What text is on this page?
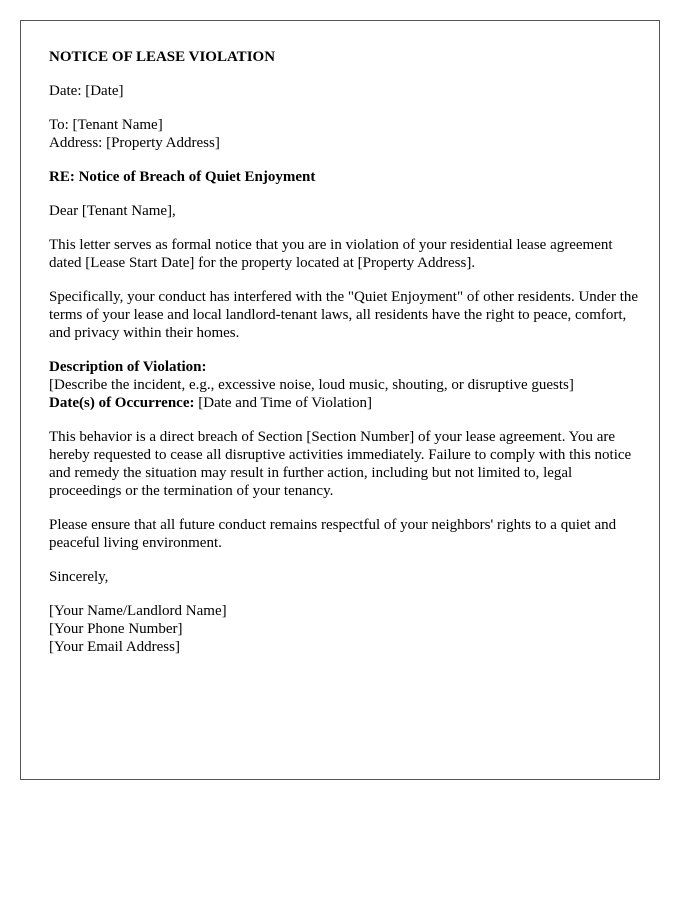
NOTICE OF LEASE VIOLATION

Date: [Date]

To: [Tenant Name]
Address: [Property Address]

RE: Notice of Breach of Quiet Enjoyment

Dear [Tenant Name],

This letter serves as formal notice that you are in violation of your residential lease agreement dated [Lease Start Date] for the property located at [Property Address].

Specifically, your conduct has interfered with the "Quiet Enjoyment" of other residents. Under the terms of your lease and local landlord-tenant laws, all residents have the right to peace, comfort, and privacy within their homes.

Description of Violation:
[Describe the incident, e.g., excessive noise, loud music, shouting, or disruptive guests]
Date(s) of Occurrence: [Date and Time of Violation]

This behavior is a direct breach of Section [Section Number] of your lease agreement. You are hereby requested to cease all disruptive activities immediately. Failure to comply with this notice and remedy the situation may result in further action, including but not limited to, legal proceedings or the termination of your tenancy.

Please ensure that all future conduct remains respectful of your neighbors' rights to a quiet and peaceful living environment.

Sincerely,

[Your Name/Landlord Name]
[Your Phone Number]
[Your Email Address]
